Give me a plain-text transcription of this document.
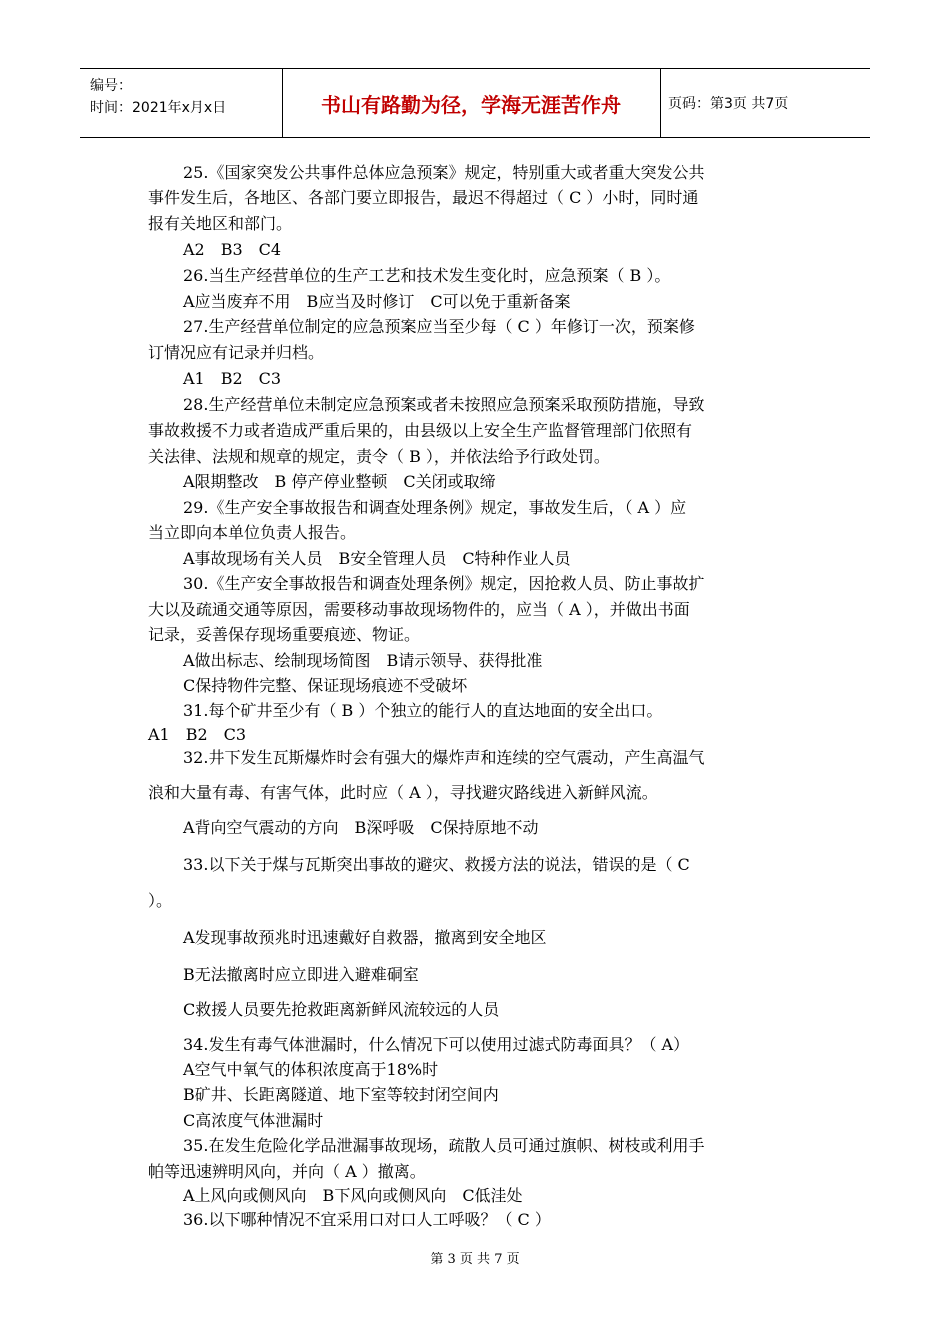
编号：
时间：2021年x月x日	书山有路勤为径，学海无涯苦作舟	页码：第3页 共7页
25.《国家突发公共事件总体应急预案》规定，特别重大或者重大突发公共
事件发生后，各地区、各部门要立即报告，最迟不得超过（ C ）小时，同时通
报有关地区和部门。
A2　B3　C4
26.当生产经营单位的生产工艺和技术发生变化时，应急预案（ B ）。
A应当废弃不用　B应当及时修订　C可以免于重新备案
27.生产经营单位制定的应急预案应当至少每（ C ）年修订一次，预案修
订情况应有记录并归档。
A1　B2　C3
28.生产经营单位未制定应急预案或者未按照应急预案采取预防措施，导致
事故救援不力或者造成严重后果的，由县级以上安全生产监督管理部门依照有
关法律、法规和规章的规定，责令（ B ），并依法给予行政处罚。
A限期整改　B 停产停业整顿　C关闭或取缔
29.《生产安全事故报告和调查处理条例》规定，事故发生后，（ A ）应
当立即向本单位负责人报告。
A事故现场有关人员　B安全管理人员　C特种作业人员
30.《生产安全事故报告和调查处理条例》规定，因抢救人员、防止事故扩
大以及疏通交通等原因，需要移动事故现场物件的，应当（ A ），并做出书面
记录，妥善保存现场重要痕迹、物证。
A做出标志、绘制现场简图　B请示领导、获得批准
C保持物件完整、保证现场痕迹不受破坏
31.每个矿井至少有（ B ）个独立的能行人的直达地面的安全出口。
A1　B2　C3
32.井下发生瓦斯爆炸时会有强大的爆炸声和连续的空气震动，产生高温气
浪和大量有毒、有害气体，此时应（ A ），寻找避灾路线进入新鲜风流。
A背向空气震动的方向　B深呼吸　C保持原地不动
33.以下关于煤与瓦斯突出事故的避灾、救援方法的说法，错误的是（ C
）。
A发现事故预兆时迅速戴好自救器，撤离到安全地区
B无法撤离时应立即进入避难硐室
C救援人员要先抢救距离新鲜风流较远的人员
34.发生有毒气体泄漏时，什么情况下可以使用过滤式防毒面具？（ A）
A空气中氧气的体积浓度高于18%时
B矿井、长距离隧道、地下室等较封闭空间内
C高浓度气体泄漏时
35.在发生危险化学品泄漏事故现场，疏散人员可通过旗帜、树枝或利用手
帕等迅速辨明风向，并向（ A ）撤离。
A上风向或侧风向　B下风向或侧风向　C低洼处
36.以下哪种情况不宜采用口对口人工呼吸？（ C ）
第 3 页 共 7 页
